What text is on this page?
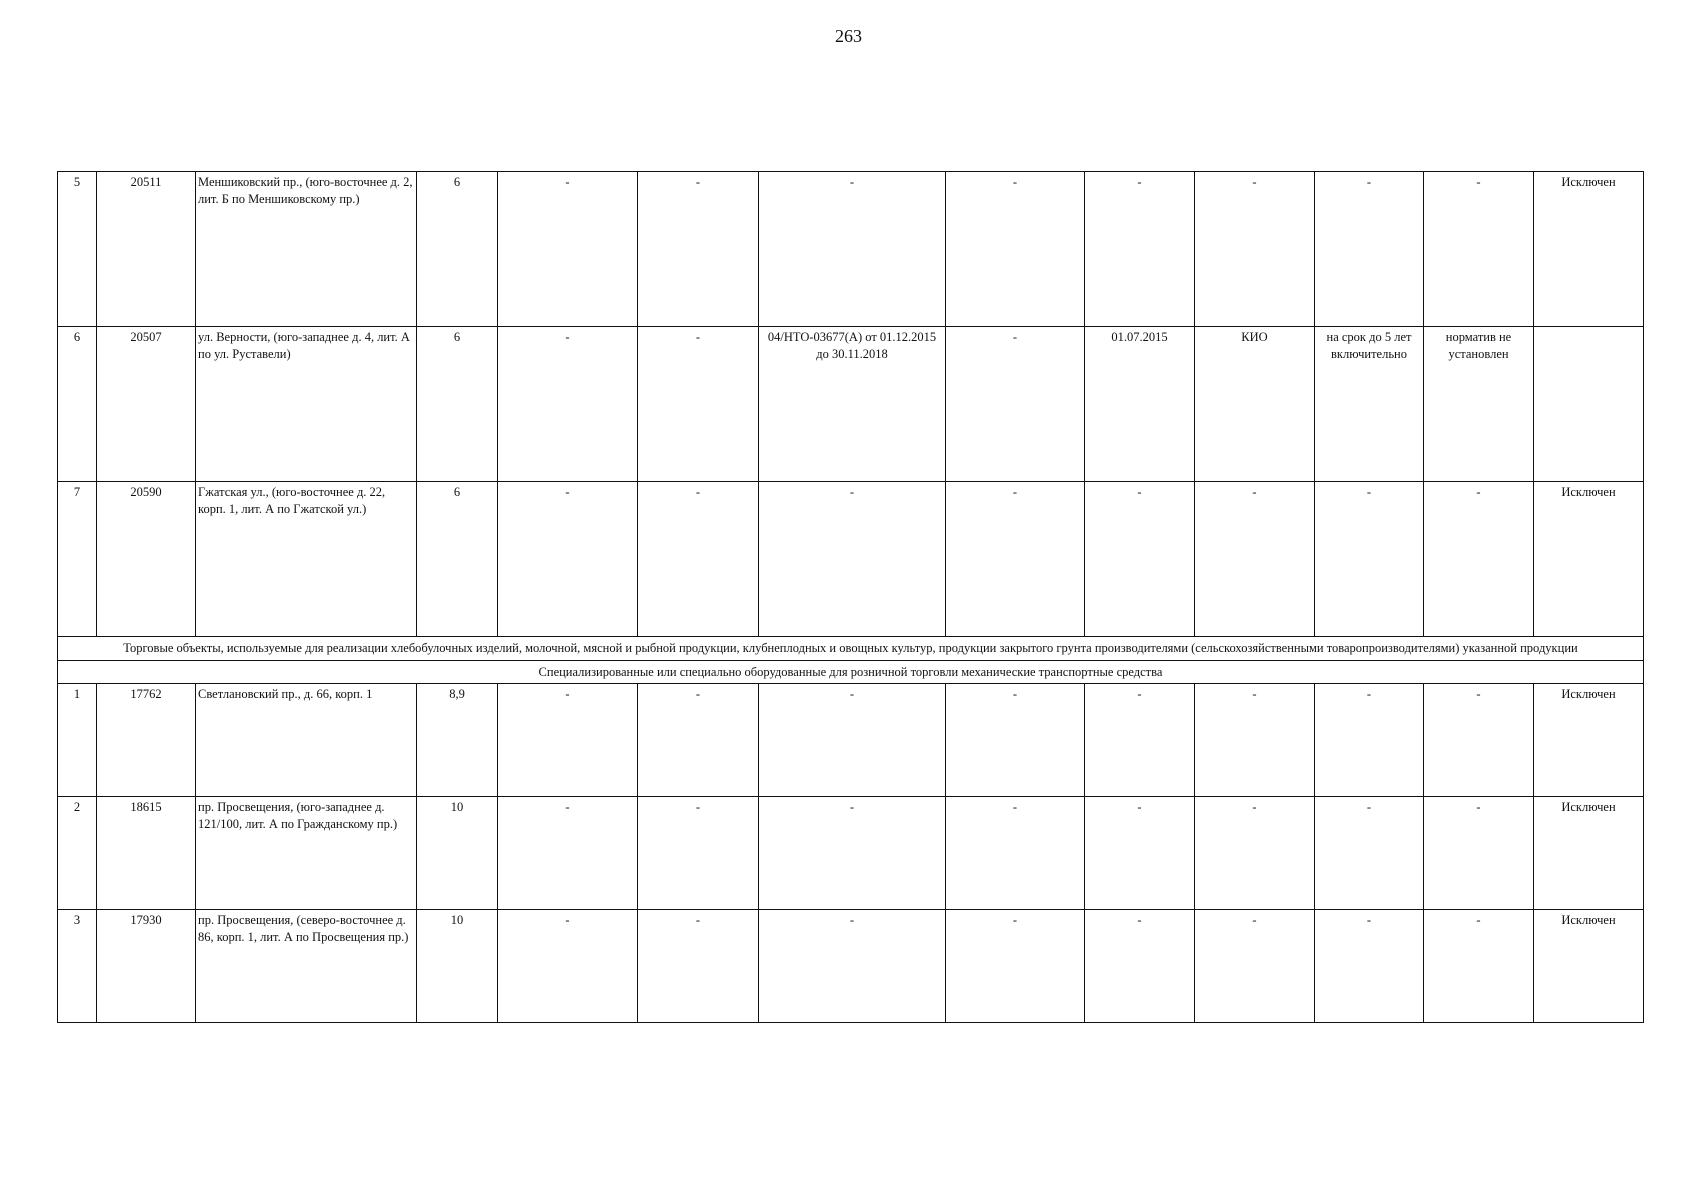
263
5	20511	Меншиковский пр., (юго-восточнее д. 2, лит. Б по Меншиковскому пр.)	6	-	-	-	-	-	-	-	-	Исключен
6	20507	ул. Верности, (юго-западнее д. 4, лит. А по ул. Руставели)	6	-	-	04/НТО-03677(А) от 01.12.2015 до 30.11.2018	-	01.07.2015	КИО	на срок до 5 лет включительно	норматив не установлен	
7	20590	Гжатская ул., (юго-восточнее д. 22, корп. 1, лит. А по Гжатской ул.)	6	-	-	-	-	-	-	-	-	Исключен
Торговые объекты, используемые для реализации хлебобулочных изделий, молочной, мясной и рыбной продукции, клубнеплодных и овощных культур, продукции закрытого грунта производителями (сельскохозяйственными товаропроизводителями) указанной продукции												
Специализированные или специально оборудованные для розничной торговли механические транспортные средства												
1	17762	Светлановский пр., д. 66, корп. 1	8,9	-	-	-	-	-	-	-	-	Исключен
2	18615	пр. Просвещения, (юго-западнее д. 121/100, лит. А по Гражданскому пр.)	10	-	-	-	-	-	-	-	-	Исключен
3	17930	пр. Просвещения, (северо-восточнее д. 86, корп. 1, лит. А по Просвещения пр.)	10	-	-	-	-	-	-	-	-	Исключен
